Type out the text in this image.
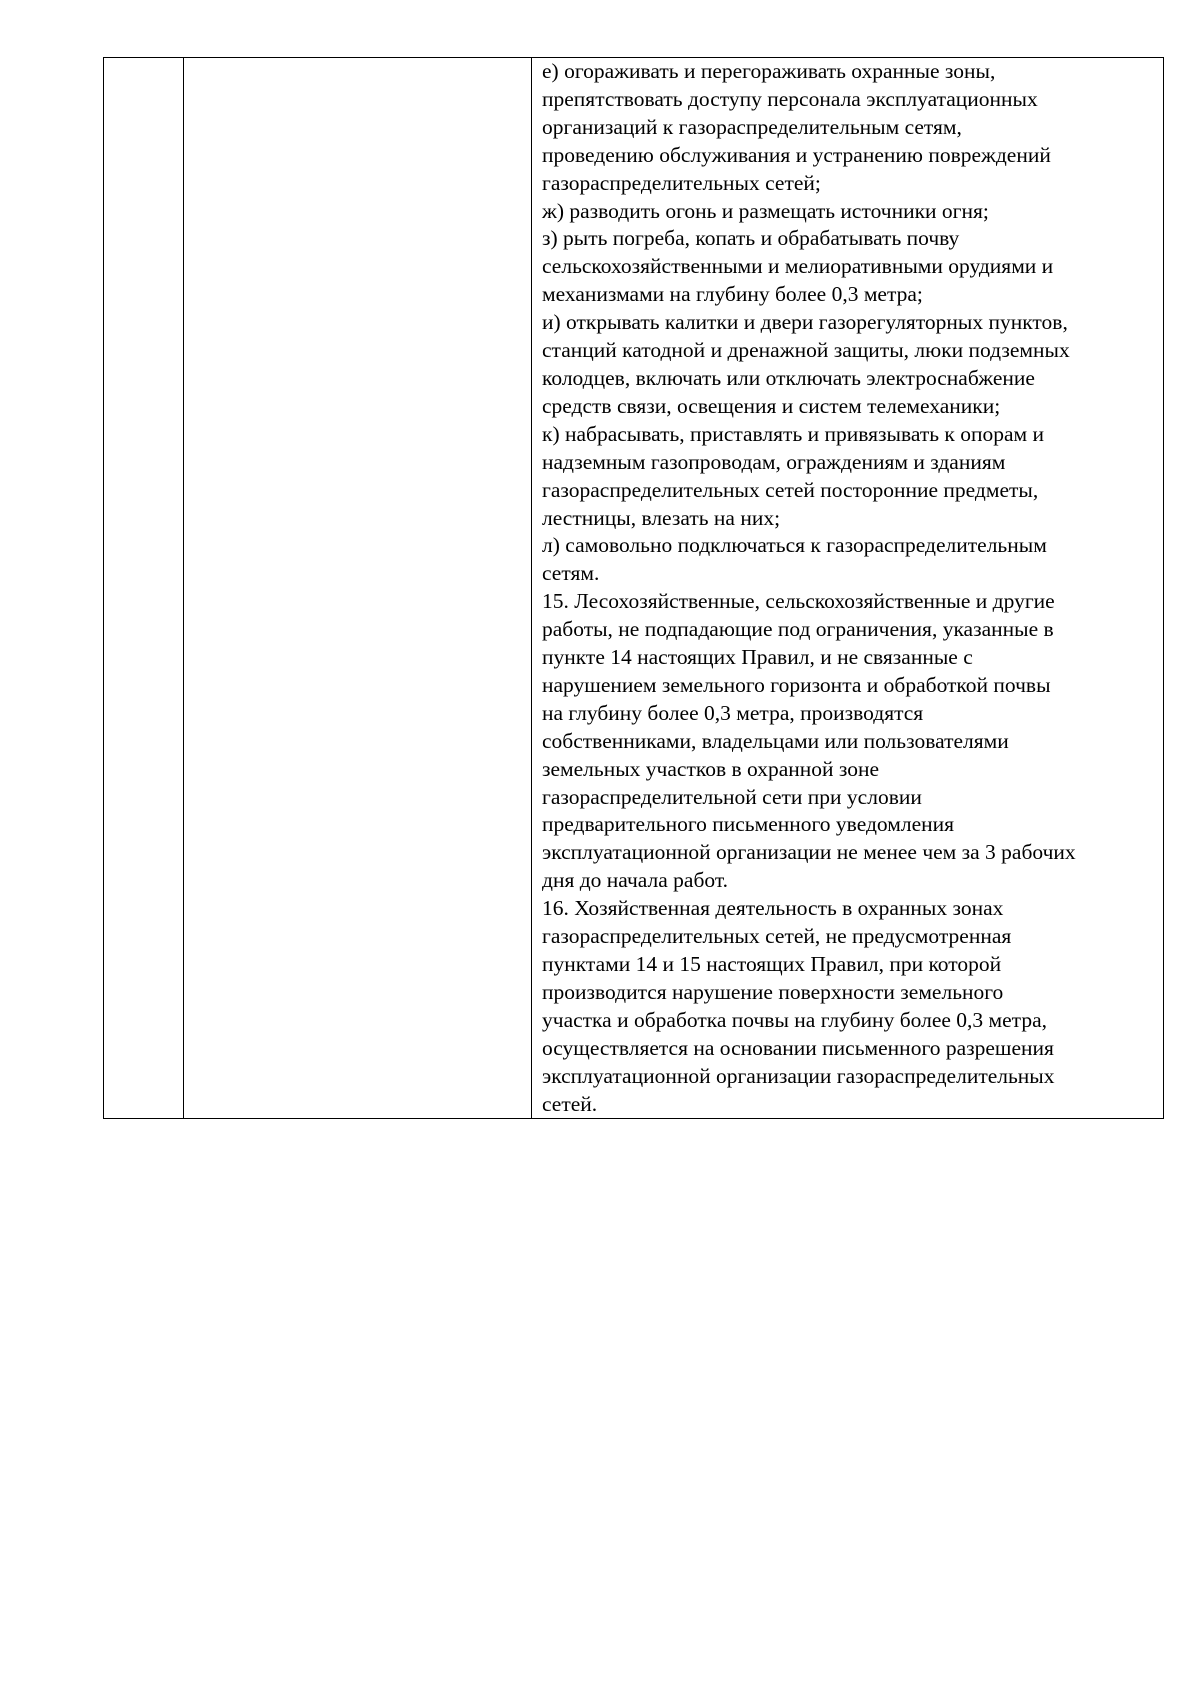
е) огораживать и перегораживать охранные зоны,
препятствовать доступу персонала эксплуатационных
организаций к газораспределительным сетям,
проведению обслуживания и устранению повреждений
газораспределительных сетей;
ж) разводить огонь и размещать источники огня;
з) рыть погреба, копать и обрабатывать почву
сельскохозяйственными и мелиоративными орудиями и
механизмами на глубину более 0,3 метра;
и) открывать калитки и двери газорегуляторных пунктов,
станций катодной и дренажной защиты, люки подземных
колодцев, включать или отключать электроснабжение
средств связи, освещения и систем телемеханики;
к) набрасывать, приставлять и привязывать к опорам и
надземным газопроводам, ограждениям и зданиям
газораспределительных сетей посторонние предметы,
лестницы, влезать на них;
л) самовольно подключаться к газораспределительным
сетям.
15. Лесохозяйственные, сельскохозяйственные и другие
работы, не подпадающие под ограничения, указанные в
пункте 14 настоящих Правил, и не связанные с
нарушением земельного горизонта и обработкой почвы
на глубину более 0,3 метра, производятся
собственниками, владельцами или пользователями
земельных участков в охранной зоне
газораспределительной сети при условии
предварительного письменного уведомления
эксплуатационной организации не менее чем за 3 рабочих
дня до начала работ.
16. Хозяйственная деятельность в охранных зонах
газораспределительных сетей, не предусмотренная
пунктами 14 и 15 настоящих Правил, при которой
производится нарушение поверхности земельного
участка и обработка почвы на глубину более 0,3 метра,
осуществляется на основании письменного разрешения
эксплуатационной организации газораспределительных
сетей.
